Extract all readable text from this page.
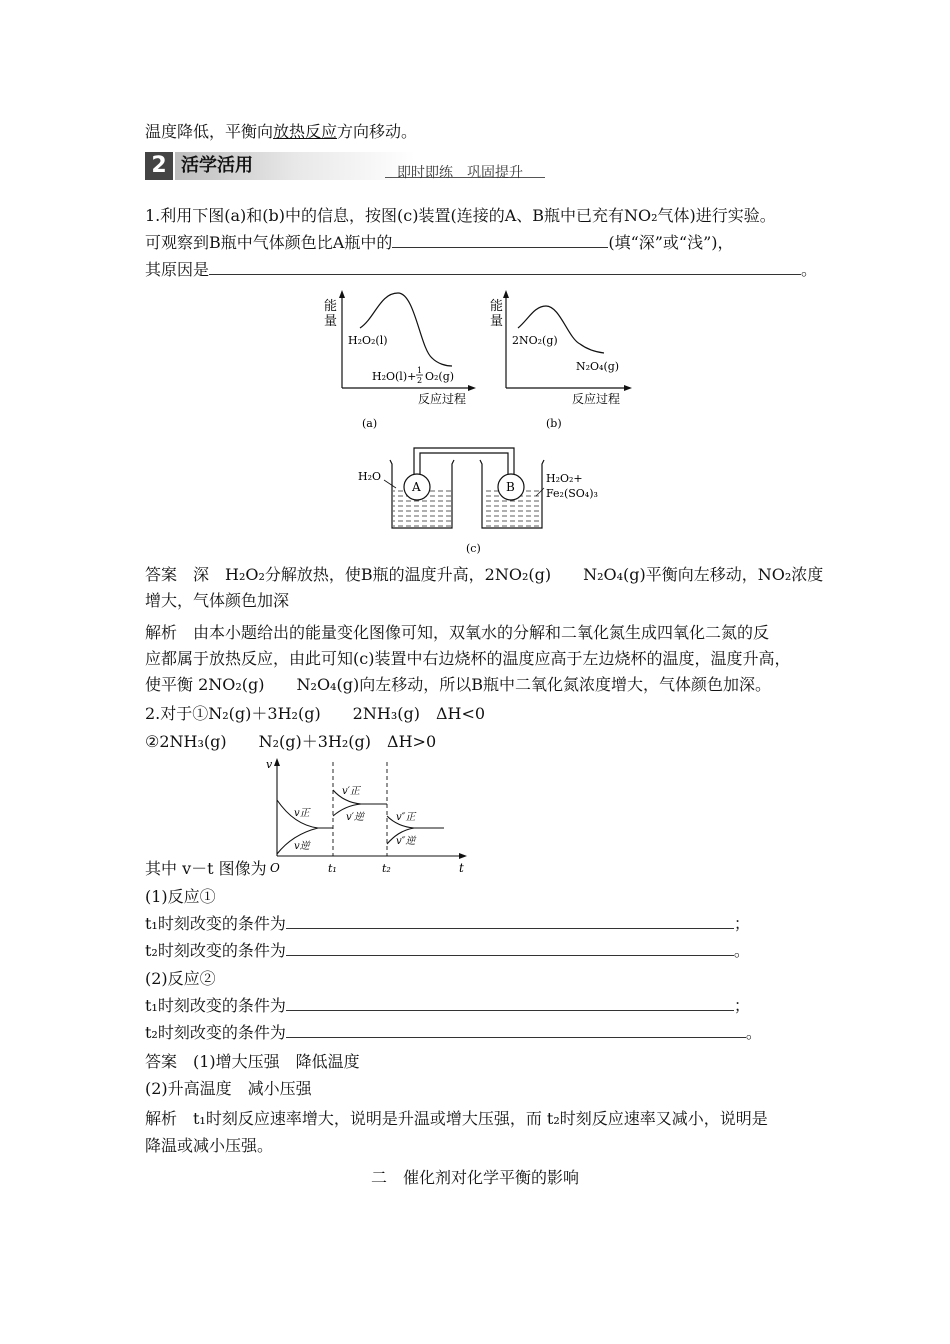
温度降低，平衡向放热反应方向移动。
2 活学活用	即时即练　巩固提升
1.利用下图(a)和(b)中的信息，按图(c)装置(连接的A、B瓶中已充有NO₂气体)进行实验。
可观察到B瓶中气体颜色比A瓶中的	(填“深”或“浅”)，
其原因是	。
能
量
H₂O₂(l)
H₂O(l)+ 1
2 O₂(g)
反应过程
(a)
能
量
2NO₂(g)
N₂O₄(g)
反应过程
(b)
A	B
H₂O	H₂O₂+
Fe₂(SO₄)₃
(c)
答案　深　H₂O₂分解放热，使B瓶的温度升高，2NO₂(g)　　N₂O₄(g)平衡向左移动，NO₂浓度
增大，气体颜色加深
解析　由本小题给出的能量变化图像可知，双氧水的分解和二氧化氮生成四氧化二氮的反
应都属于放热反应，由此可知(c)装置中右边烧杯的温度应高于左边烧杯的温度，温度升高，
使平衡 2NO₂(g)　　N₂O₄(g)向左移动，所以B瓶中二氧化氮浓度增大，气体颜色加深。
2.对于①N₂(g)＋3H₂(g)　　2NH₃(g)　ΔH<0
②2NH₃(g)　　N₂(g)＋3H₂(g)　ΔH>0
v
t
O	t₁	t₂
v正
v逆
v′正
v′逆	v″正
v″逆
其中 v－t 图像为
(1)反应①
t₁时刻改变的条件为	；
t₂时刻改变的条件为	。
(2)反应②
t₁时刻改变的条件为	；
t₂时刻改变的条件为	。
答案　(1)增大压强　降低温度
(2)升高温度　减小压强
解析　t₁时刻反应速率增大，说明是升温或增大压强，而 t₂时刻反应速率又减小，说明是
降温或减小压强。
二　催化剂对化学平衡的影响
